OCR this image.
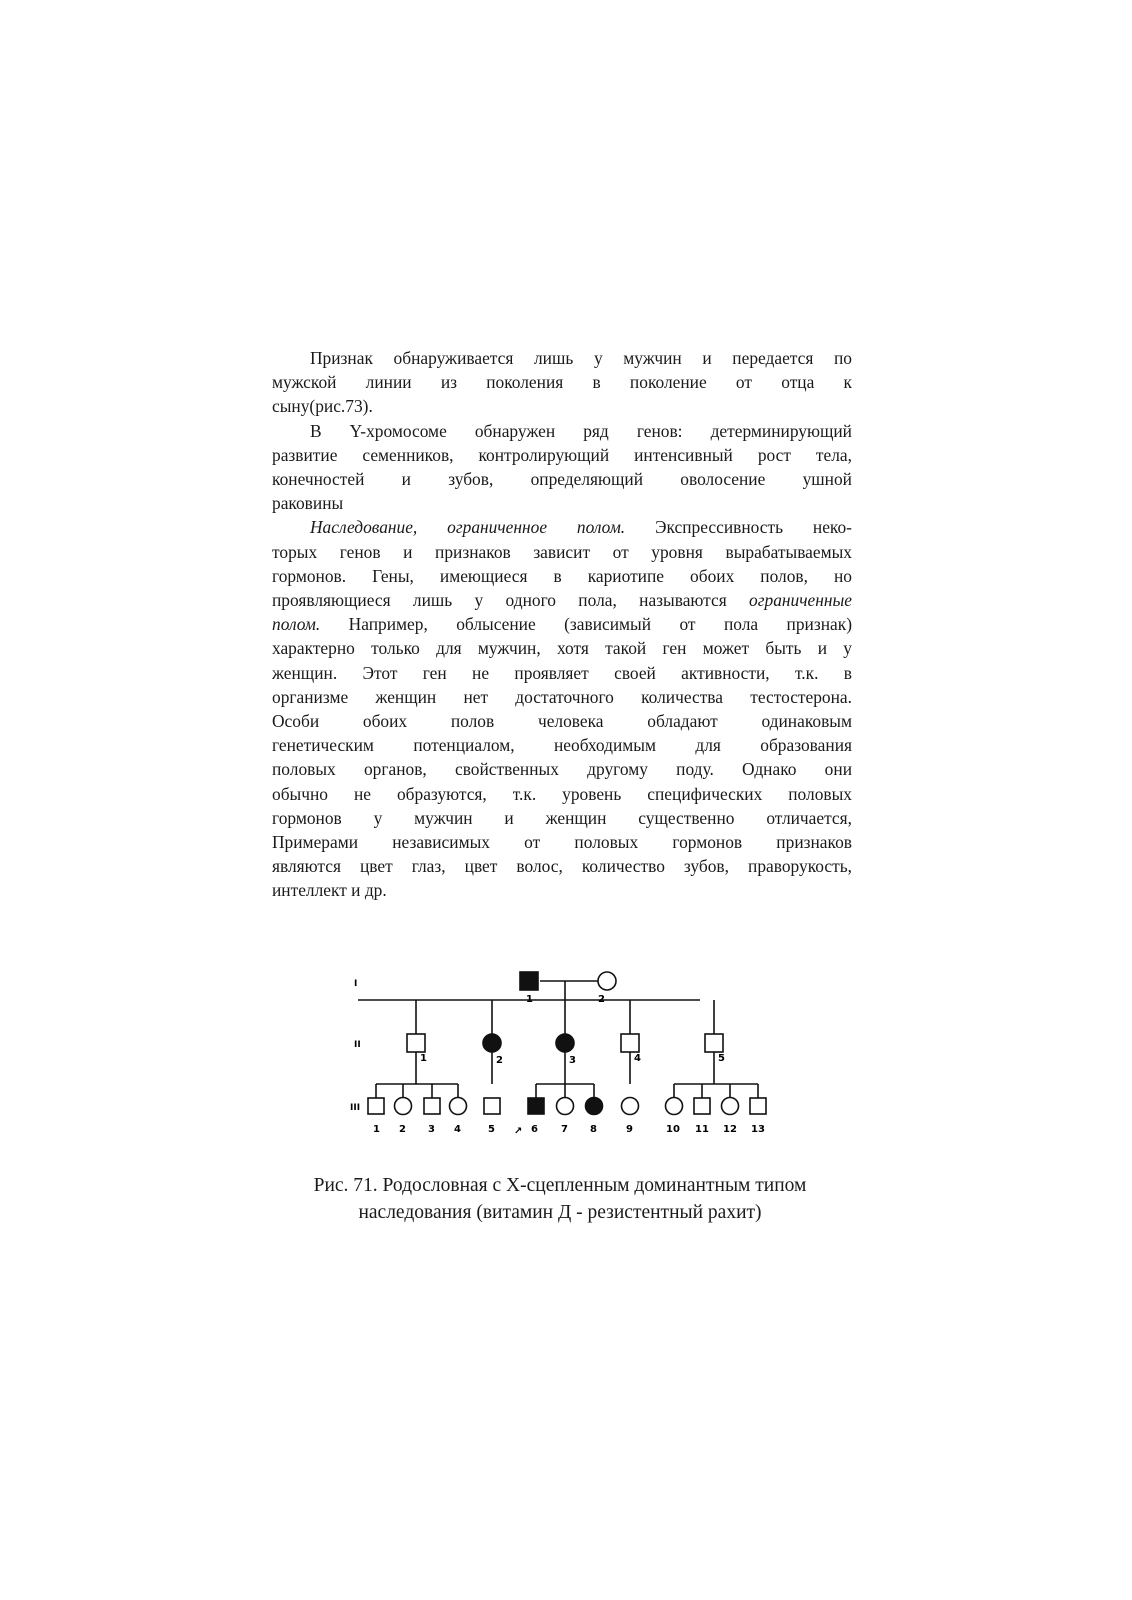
Признак обнаруживается лишь у мужчин и передается по
мужской линии из поколения в поколение от отца к
сыну(рис.73).

В Y-хромосоме обнаружен ряд генов: детерминирующий
развитие семенников, контролирующий интенсивный рост тела,
конечностей и зубов, определяющий оволосение ушной
раковины

Наследование, ограниченное полом. Экспрессивность неко-
торых генов и признаков зависит от уровня вырабатываемых
гормонов. Гены, имеющиеся в кариотипе обоих полов, но
проявляющиеся лишь у одного пола, называются ограниченные
полом. Например, облысение (зависимый от пола признак)
характерно только для мужчин, хотя такой ген может быть и у
женщин. Этот ген не проявляет своей активности, т.к. в
организме женщин нет достаточного количества тестостерона.
Особи обоих полов человека обладают одинаковым
генетическим потенциалом, необходимым для образования
половых органов, свойственных другому поду. Однако они
обычно не образуются, т.к. уровень специфических половых
гормонов у мужчин и женщин существенно отличается,
Примерами независимых от половых гормонов признаков
являются цвет глаз, цвет волос, количество зубов, праворукость,
интеллект и др.

I
II
III
1	2
1	2	3	4	5
1 2 3 4	5 ↗ 6 7 8	9	10 11 12 13
Рис. 71. Родословная с Х-сцепленным доминантным типом
наследования (витамин Д - резистентный рахит)
